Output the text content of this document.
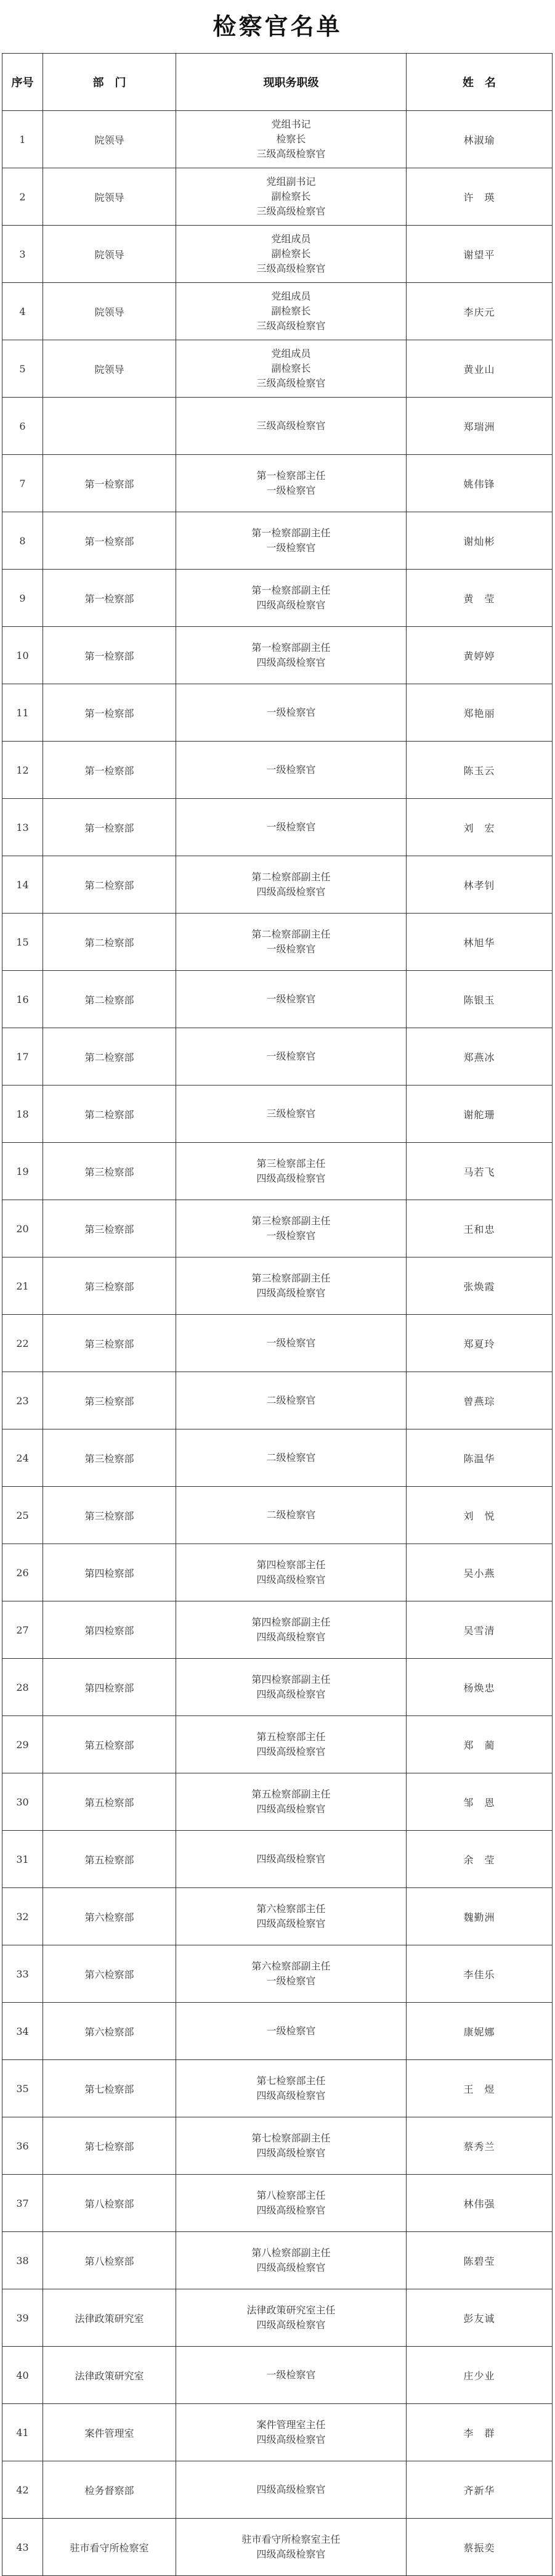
检察官名单
序号	部　门	现职务职级	姓　名
1	院领导	党组书记
检察长
三级高级检察官	林淑瑜
2	院领导	党组副书记
副检察长
三级高级检察官	许　瑛
3	院领导	党组成员
副检察长
三级高级检察官	谢望平
4	院领导	党组成员
副检察长
三级高级检察官	李庆元
5	院领导	党组成员
副检察长
三级高级检察官	黄业山
6		三级高级检察官	郑瑞洲
7	第一检察部	第一检察部主任
一级检察官	姚伟锋
8	第一检察部	第一检察部副主任
一级检察官	谢灿彬
9	第一检察部	第一检察部副主任
四级高级检察官	黄　莹
10	第一检察部	第一检察部副主任
四级高级检察官	黄婷婷
11	第一检察部	一级检察官	郑艳丽
12	第一检察部	一级检察官	陈玉云
13	第一检察部	一级检察官	刘　宏
14	第二检察部	第二检察部副主任
四级高级检察官	林孝钊
15	第二检察部	第二检察部副主任
一级检察官	林旭华
16	第二检察部	一级检察官	陈银玉
17	第二检察部	一级检察官	郑燕冰
18	第二检察部	三级检察官	谢舵珊
19	第三检察部	第三检察部主任
四级高级检察官	马若飞
20	第三检察部	第三检察部副主任
一级检察官	王和忠
21	第三检察部	第三检察部副主任
四级高级检察官	张焕霞
22	第三检察部	一级检察官	郑夏玲
23	第三检察部	二级检察官	曾燕琮
24	第三检察部	二级检察官	陈温华
25	第三检察部	二级检察官	刘　悦
26	第四检察部	第四检察部主任
四级高级检察官	吴小燕
27	第四检察部	第四检察部副主任
四级高级检察官	吴雪清
28	第四检察部	第四检察部副主任
四级高级检察官	杨焕忠
29	第五检察部	第五检察部主任
四级高级检察官	郑　蔺
30	第五检察部	第五检察部副主任
四级高级检察官	邹　恩
31	第五检察部	四级高级检察官	余　莹
32	第六检察部	第六检察部主任
四级高级检察官	魏勤洲
33	第六检察部	第六检察部副主任
一级检察官	李佳乐
34	第六检察部	一级检察官	康妮娜
35	第七检察部	第七检察部主任
四级高级检察官	王　煜
36	第七检察部	第七检察部副主任
四级高级检察官	蔡秀兰
37	第八检察部	第八检察部主任
四级高级检察官	林伟强
38	第八检察部	第八检察部副主任
四级高级检察官	陈碧莹
39	法律政策研究室	法律政策研究室主任
四级高级检察官	彭友诚
40	法律政策研究室	一级检察官	庄少业
41	案件管理室	案件管理室主任
四级高级检察官	李　群
42	检务督察部	四级高级检察官	齐新华
43	驻市看守所检察室	驻市看守所检察室主任
四级高级检察官	蔡振奕
